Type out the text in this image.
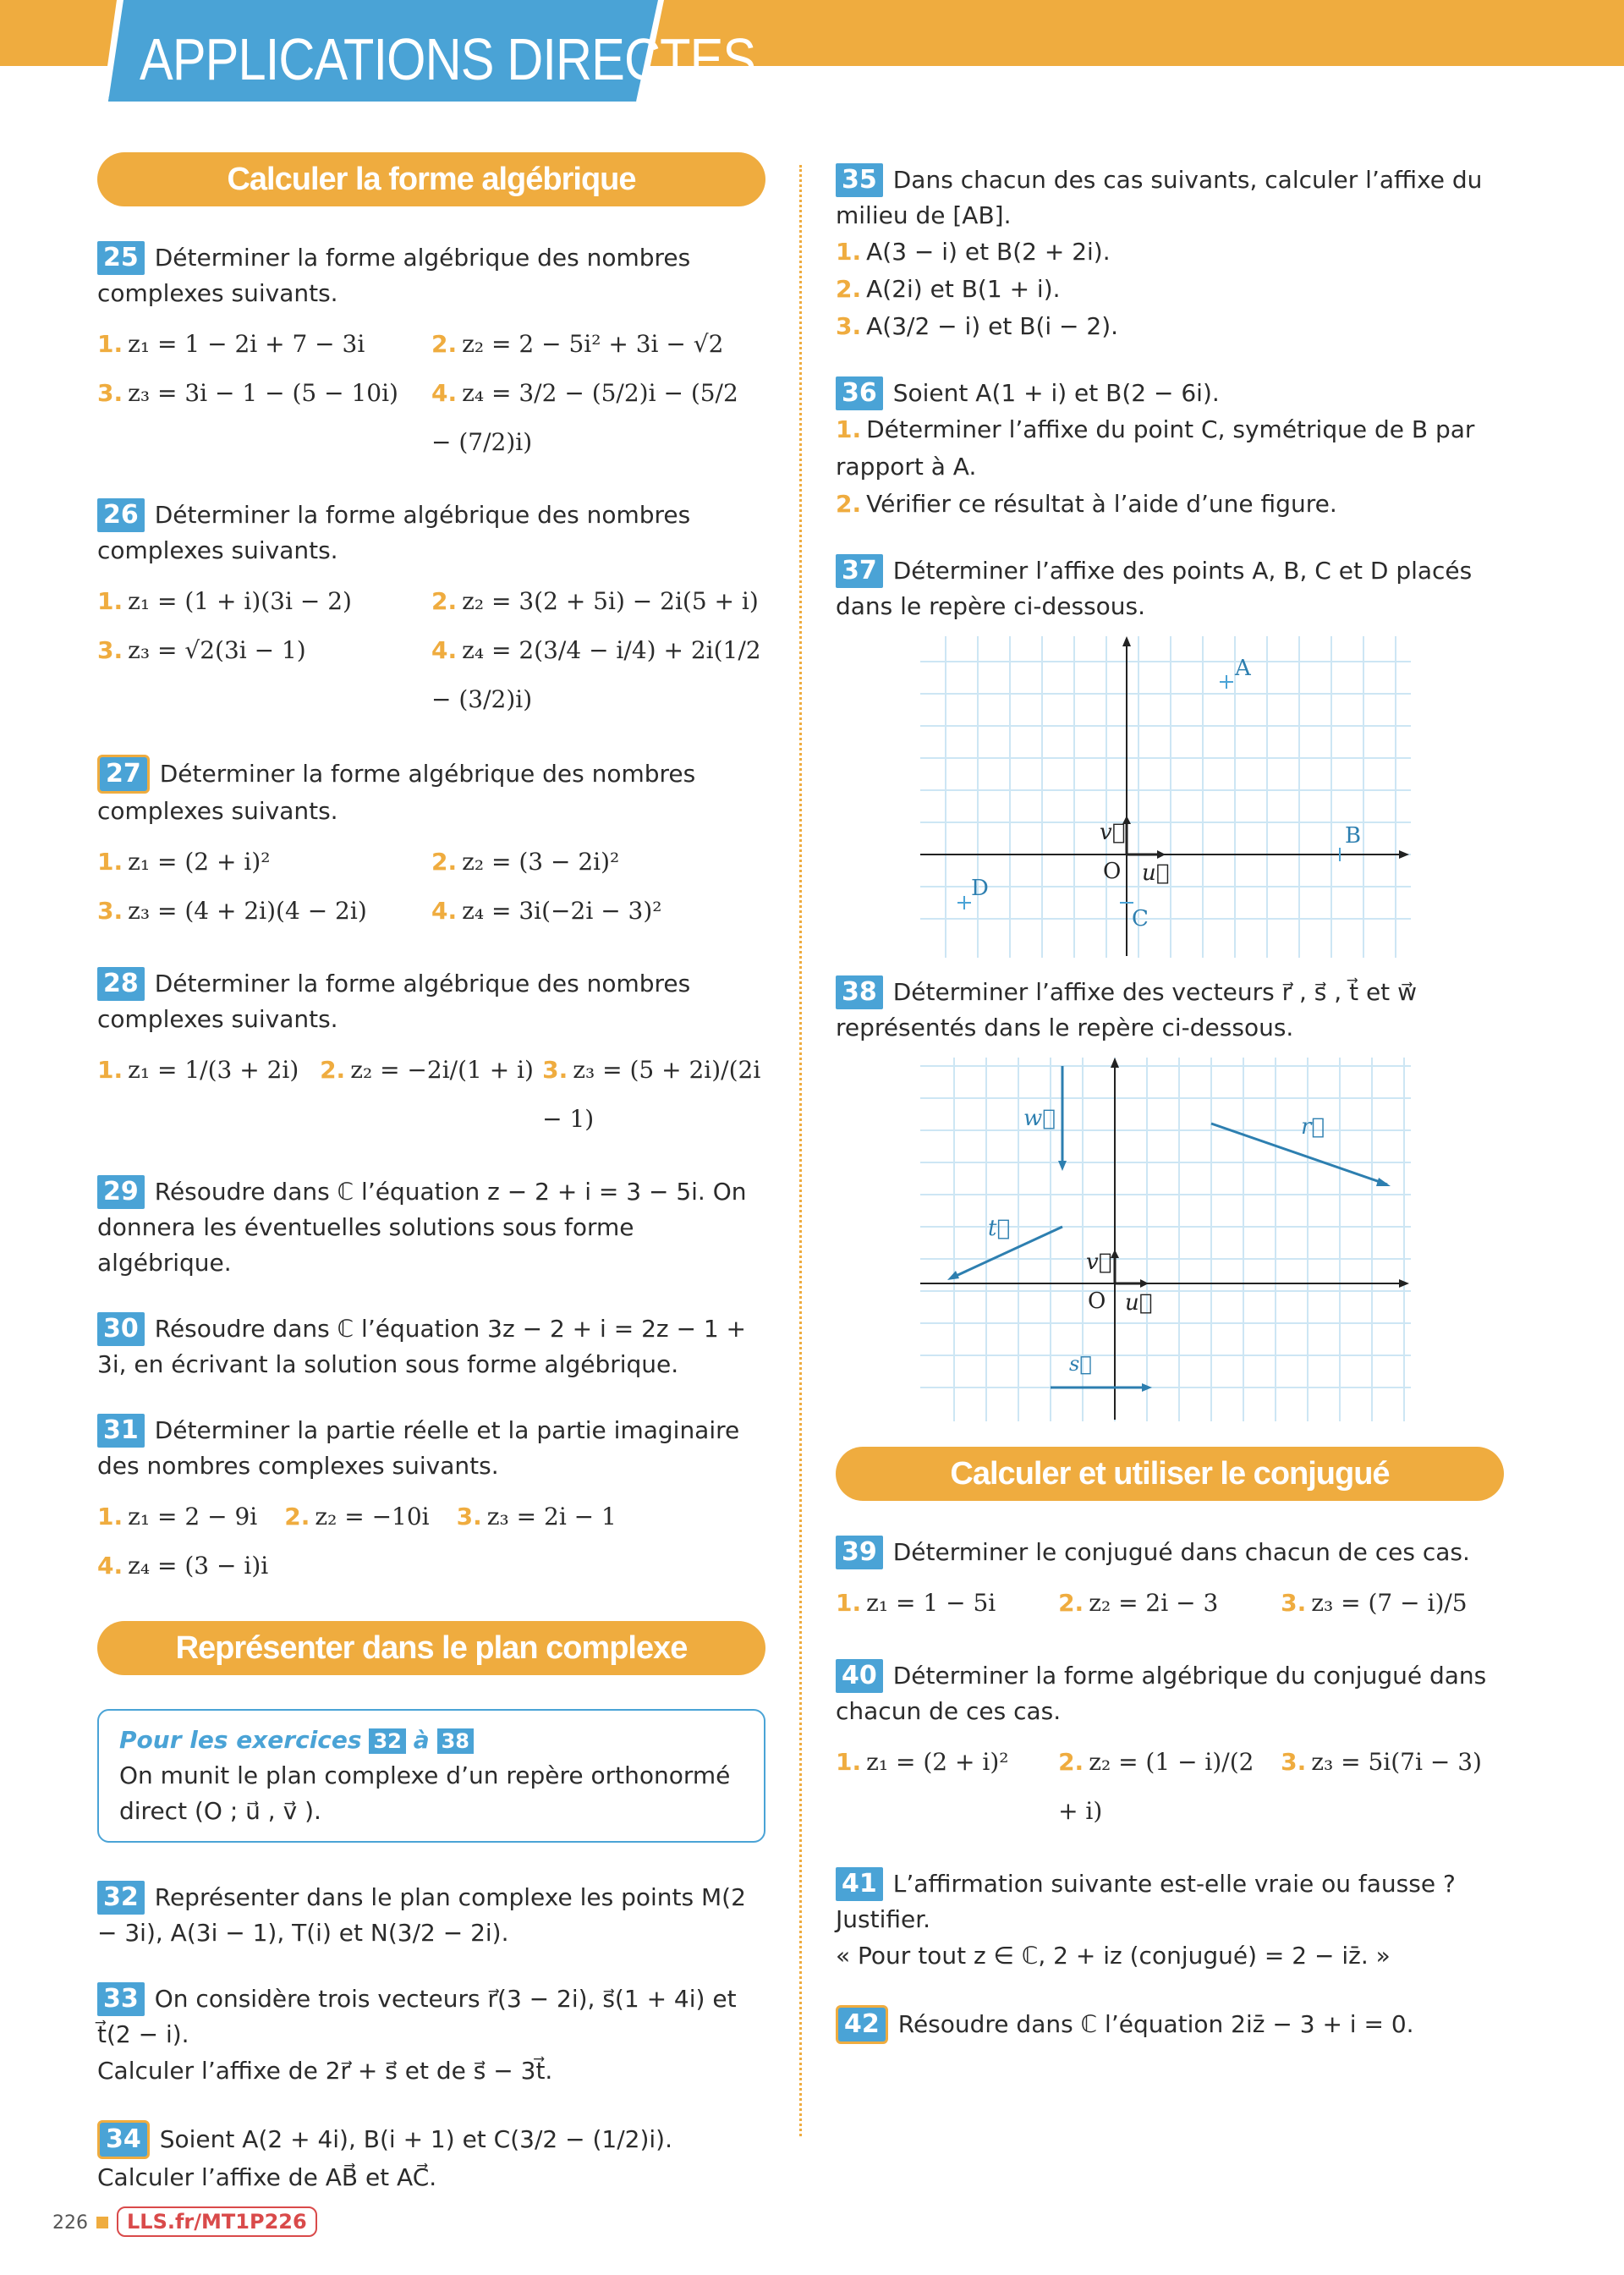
APPLICATIONS DIRECTES
Calculer la forme algébrique
25 Déterminer la forme algébrique des nombres complexes suivants.
1. z₁ = 1 − 2i + 7 − 3i	2. z₂ = 2 − 5i² + 3i − √2
3. z₃ = 3i − 1 − (5 − 10i)	4. z₄ = 3/2 − (5/2)i − (5/2 − (7/2)i)
26 Déterminer la forme algébrique des nombres complexes suivants.
1. z₁ = (1 + i)(3i − 2)	2. z₂ = 3(2 + 5i) − 2i(5 + i)
3. z₃ = √2(3i − 1)	4. z₄ = 2(3/4 − i/4) + 2i(1/2 − (3/2)i)
27 Déterminer la forme algébrique des nombres complexes suivants.
1. z₁ = (2 + i)²	2. z₂ = (3 − 2i)²
3. z₃ = (4 + 2i)(4 − 2i)	4. z₄ = 3i(−2i − 3)²
28 Déterminer la forme algébrique des nombres complexes suivants.
1. z₁ = 1/(3 + 2i) 2. z₂ = −2i/(1 + i) 3. z₃ = (5 + 2i)/(2i − 1)
29 Résoudre dans ℂ l’équation z − 2 + i = 3 − 5i. On donnera les éventuelles solutions sous forme algébrique.
30 Résoudre dans ℂ l’équation 3z − 2 + i = 2z − 1 + 3i, en écrivant la solution sous forme algébrique.
31 Déterminer la partie réelle et la partie imaginaire des nombres complexes suivants.
1. z₁ = 2 − 9i 2. z₂ = −10i 3. z₃ = 2i − 1
4. z₄ = (3 − i)i
Représenter dans le plan complexe
Pour les exercices 32 à 38
On munit le plan complexe d’un repère orthonormé direct (O ; u⃗ , v⃗ ).
32 Représenter dans le plan complexe les points M(2 − 3i), A(3i − 1), T(i) et N(3/2 − 2i).
33 On considère trois vecteurs r⃗(3 − 2i), s⃗(1 + 4i) et t⃗(2 − i).
Calculer l’affixe de 2r⃗ + s⃗ et de s⃗ − 3t⃗.
34 Soient A(2 + 4i), B(i + 1) et C(3/2 − (1/2)i).
Calculer l’affixe de AB⃗ et AC⃗.
35 Dans chacun des cas suivants, calculer l’affixe du milieu de [AB].
1. A(3 − i) et B(2 + 2i).
2. A(2i) et B(1 + i).
3. A(3/2 − i) et B(i − 2).
36 Soient A(1 + i) et B(2 − 6i).
1. Déterminer l’affixe du point C, symétrique de B par rapport à A.
2. Vérifier ce résultat à l’aide d’une figure.
37 Déterminer l’affixe des points A, B, C et D placés dans le repère ci-dessous.
O u⃗
v⃗
A
B
C
D
38 Déterminer l’affixe des vecteurs r⃗ , s⃗ , t⃗ et w⃗ représentés dans le repère ci-dessous.
O u⃗
v⃗
r⃗
s⃗
t⃗
w⃗
Calculer et utiliser le conjugué
39 Déterminer le conjugué dans chacun de ces cas.
1. z₁ = 1 − 5i	2. z₂ = 2i − 3	3. z₃ = (7 − i)/5
40 Déterminer la forme algébrique du conjugué dans chacun de ces cas.
1. z₁ = (2 + i)²	2. z₂ = (1 − i)/(2 + i)
3. z₃ = 5i(7i − 3)
41 L’affirmation suivante est-elle vraie ou fausse ? Justifier.
« Pour tout z ∈ ℂ, 2 + iz (conjugué) = 2 − iz̄. »
42 Résoudre dans ℂ l’équation 2iz̄ − 3 + i = 0.
226 LLS.fr/MT1P226
